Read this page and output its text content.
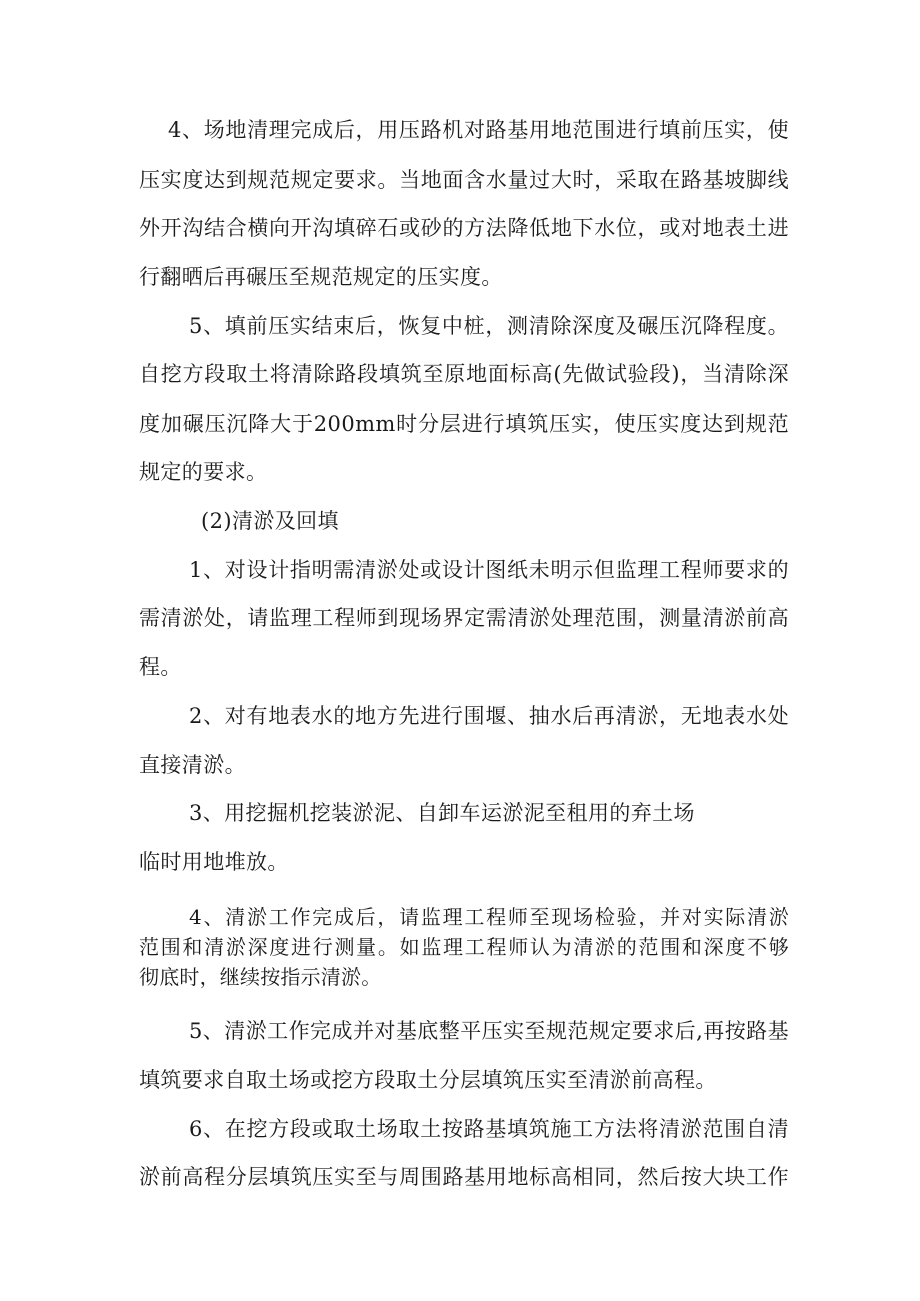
4、场地清理完成后，用压路机对路基用地范围进行填前压实，使
压实度达到规范规定要求。当地面含水量过大时，采取在路基坡脚线
外开沟结合横向开沟填碎石或砂的方法降低地下水位，或对地表土进
行翻晒后再碾压至规范规定的压实度。
5、填前压实结束后，恢复中桩，测清除深度及碾压沉降程度。
自挖方段取土将清除路段填筑至原地面标高(先做试验段)，当清除深
度加碾压沉降大于200mm时分层进行填筑压实，使压实度达到规范
规定的要求。
(2)清淤及回填
1、对设计指明需清淤处或设计图纸未明示但监理工程师要求的
需清淤处，请监理工程师到现场界定需清淤处理范围，测量清淤前高
程。
2、对有地表水的地方先进行围堰、抽水后再清淤，无地表水处
直接清淤。
3、用挖掘机挖装淤泥、自卸车运淤泥至租用的弃土场
临时用地堆放。
4、清淤工作完成后，请监理工程师至现场检验，并对实际清淤
范围和清淤深度进行测量。如监理工程师认为清淤的范围和深度不够
彻底时，继续按指示清淤。
5、清淤工作完成并对基底整平压实至规范规定要求后,再按路基
填筑要求自取土场或挖方段取土分层填筑压实至清淤前高程。
6、在挖方段或取土场取土按路基填筑施工方法将清淤范围自清
淤前高程分层填筑压实至与周围路基用地标高相同，然后按大块工作
